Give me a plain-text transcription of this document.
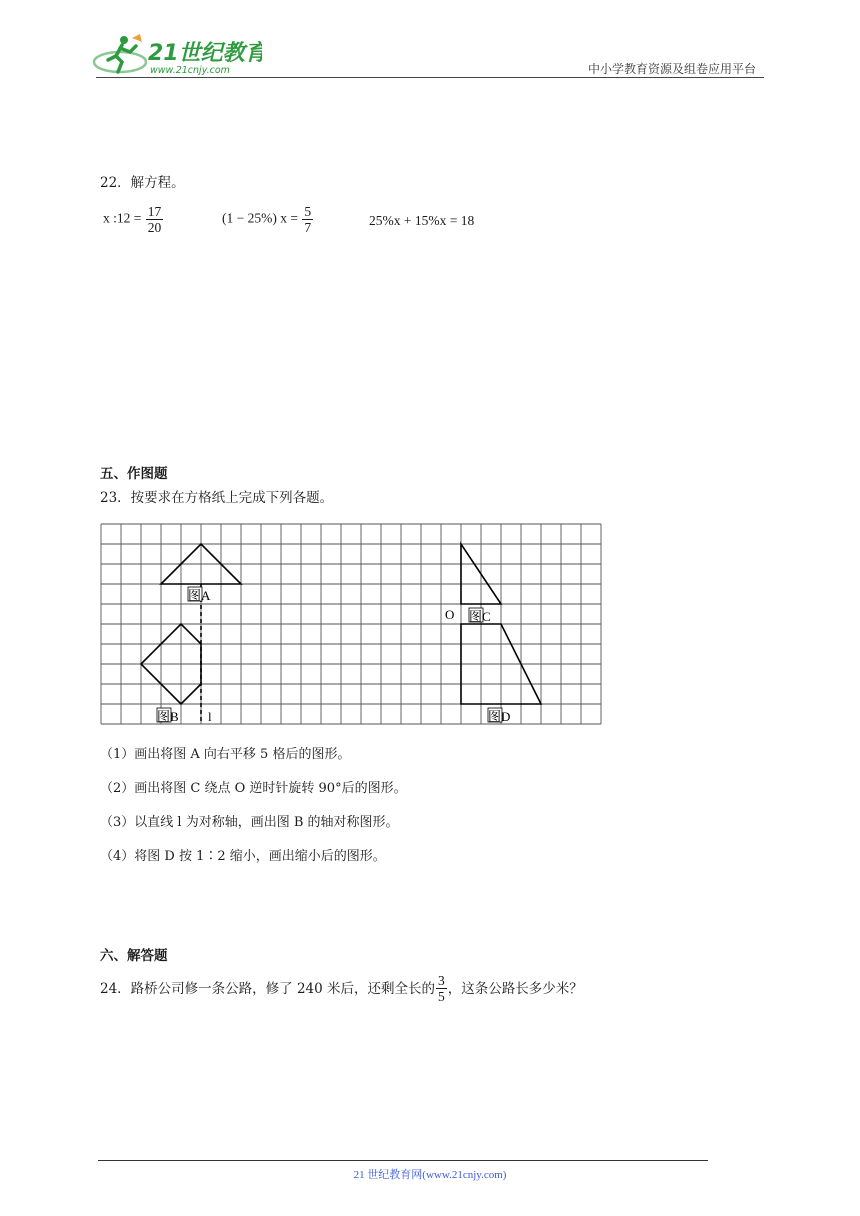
21世纪教育
www.21cnjy.com	中小学教育资源及组卷应用平台
22．解方程。
x :12 = $\frac{17}{20}$	(1 − 25%) $x = \frac{5}{7}$	25%x + 15%x = 18
五、作图题
23．按要求在方格纸上完成下列各题。
图A
图B
图C
图D
O
l
（1）画出将图 A 向右平移 5 格后的图形。
（2）画出将图 C 绕点 O 逆时针旋转 90°后的图形。
（3）以直线 l 为对称轴，画出图 B 的轴对称图形。
（4）将图 D 按 1∶2 缩小，画出缩小后的图形。
六、解答题
24．路桥公司修一条公路，修了 240 米后，还剩全长的 $\frac{3}{5}$ ，这条公路长多少米？
21 世纪教育网(www.21cnjy.com)
